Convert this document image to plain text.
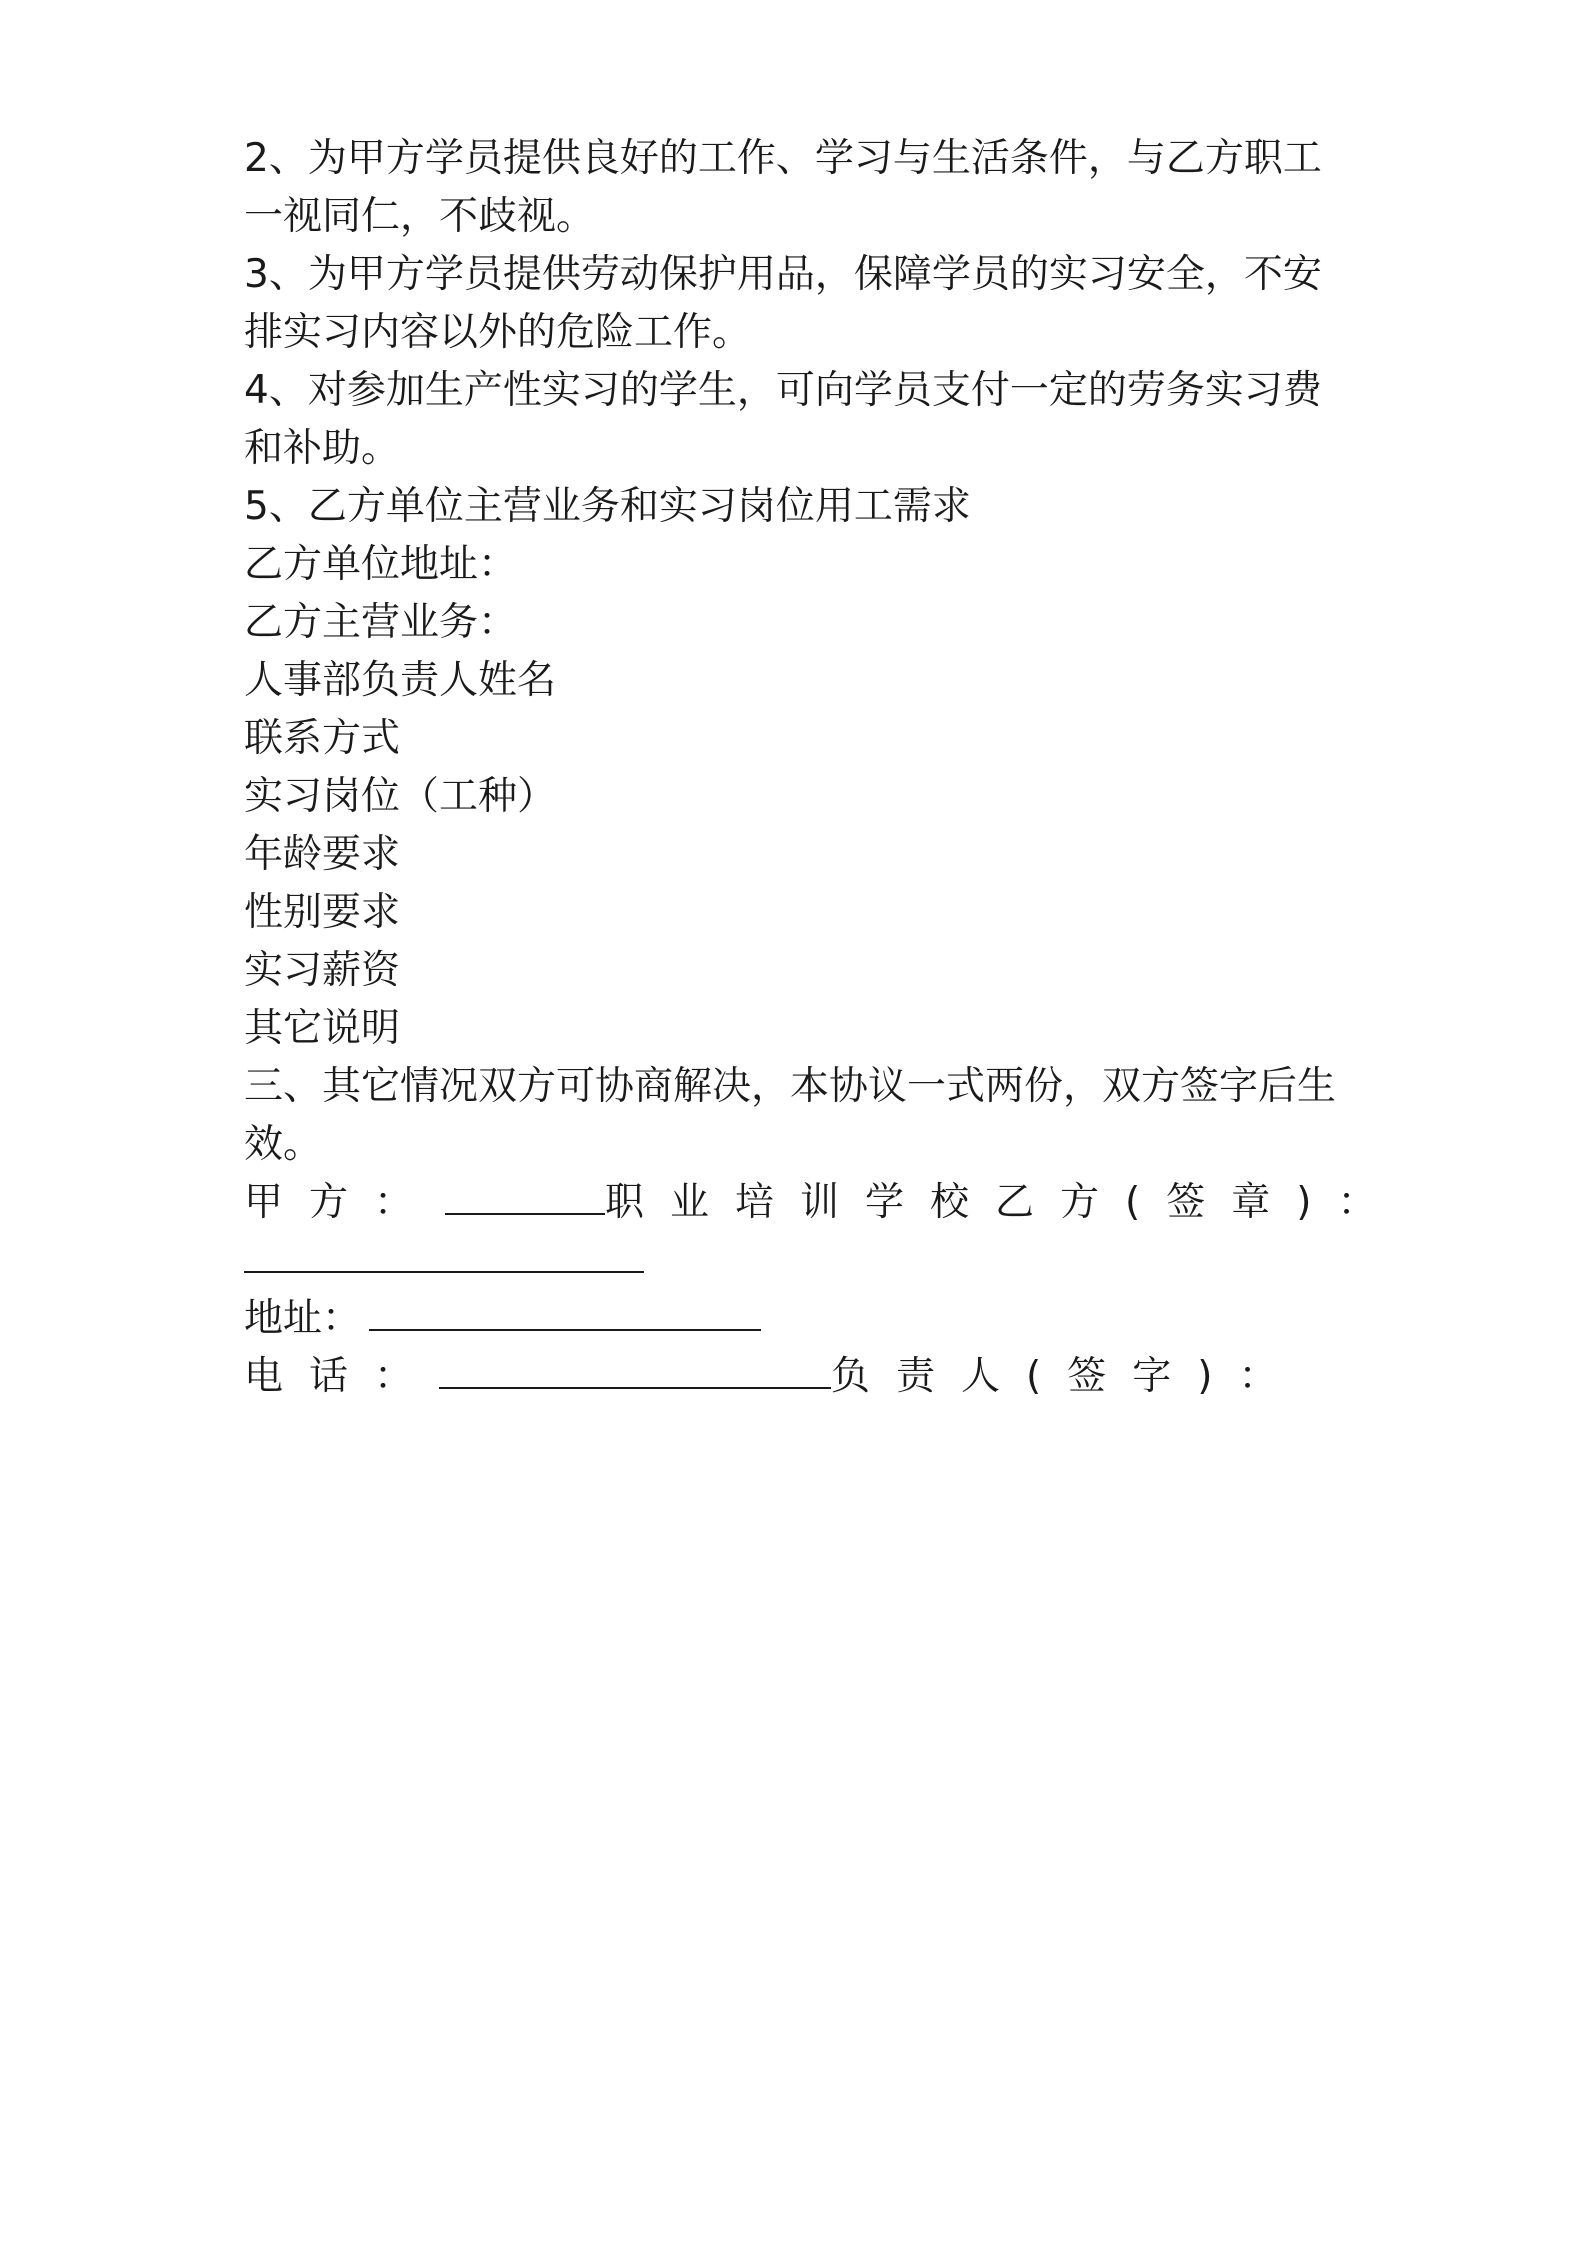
2、为甲方学员提供良好的工作、学习与生活条件，与乙方职工
一视同仁，不歧视。
3、为甲方学员提供劳动保护用品，保障学员的实习安全，不安
排实习内容以外的危险工作。
4、对参加生产性实习的学生，可向学员支付一定的劳务实习费
和补助。
5、乙方单位主营业务和实习岗位用工需求
乙方单位地址：
乙方主营业务：
人事部负责人姓名
联系方式
实习岗位（工种）
年龄要求
性别要求
实习薪资
其它说明
三、其它情况双方可协商解决，本协议一式两份，双方签字后生
效。
甲方：	职业培训学校乙方(签章)：
地址：
电话：	负责人(签字)：
